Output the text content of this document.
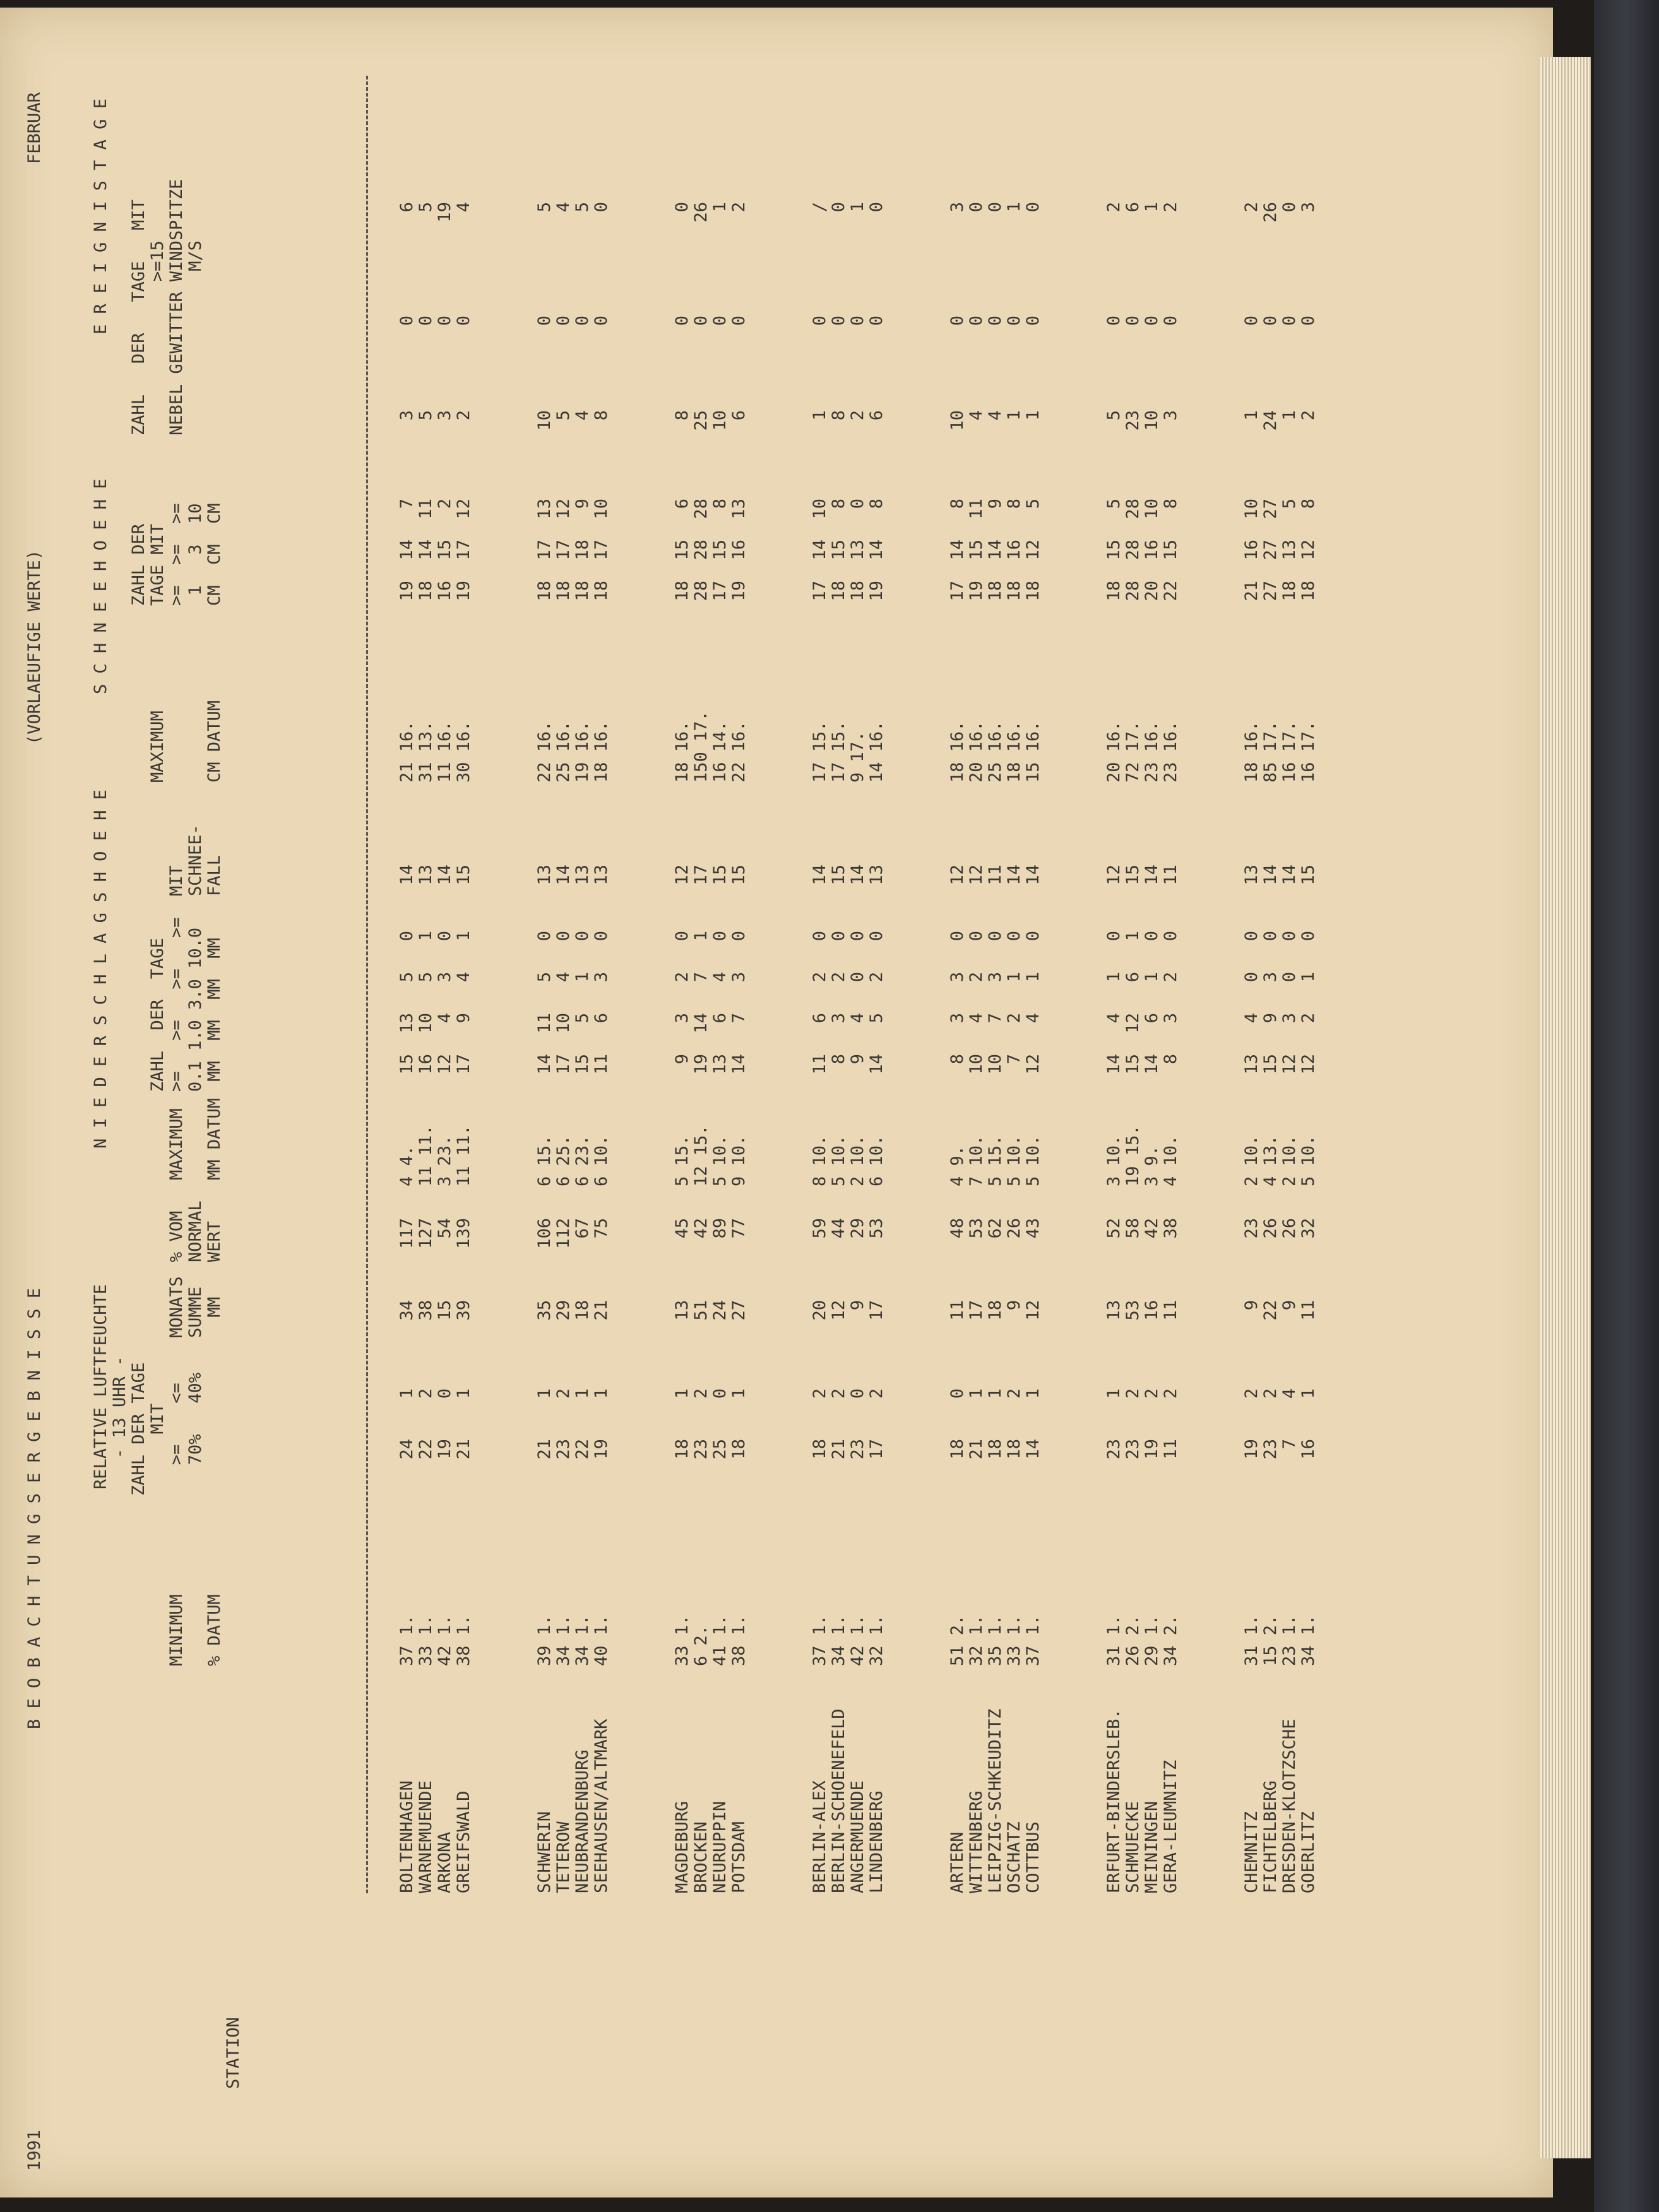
1991
B E O B A C H T U N G S E R G E B N I S S E
(VORLAEUFIGE WERTE)
FEBRUAR
RELATIVE LUFTFEUCHTE
- 13 UHR -
N I E D E R S C H L A G S H O E H E
S C H N E E H O E H E
E R E I G N I S T A G E
STATION
MINIMUM

% DATUM
ZAHL DER TAGE
MIT
>=    <=
70%   40%
MONATS
SUMME
MM
% VOM
NORMAL
WERT
MAXIMUM

MM DATUM
ZAHL  DER  TAGE
>=   >=   >=   >=
0.1 1.0 3.0 10.0
MM  MM  MM  MM
MIT
SCHNEE-
FALL
MAXIMUM

CM DATUM
ZAHL DER
TAGE MIT
>=  >=  >=
1   3  10
CM  CM  CM
ZAHL   DER   TAGE   MIT
>=15
NEBEL GEWITTER WINDSPITZE
M/S
BOLTENHAGEN
37 1.
24
1
34
117
4 4.
15
13
5
0
14
21 16.
19
14
7
3
0
6
WARNEMUENDE
33 1.
22
2
38
127
11 11.
16
10
5
1
13
31 13.
18
14
11
5
0
5
ARKONA
42 1.
19
0
15
54
3 23.
12
4
3
0
14
11 16.
16
15
2
3
0
19
GREIFSWALD
38 1.
21
1
39
139
11 11.
17
9
4
1
15
30 16.
19
17
12
2
0
4
SCHWERIN
39 1.
21
1
35
106
6 15.
14
11
5
0
13
22 16.
18
17
13
10
0
5
TETEROW
34 1.
23
2
29
112
6 25.
17
10
4
0
14
25 16.
18
17
12
5
0
4
NEUBRANDENBURG
34 1.
22
1
18
67
6 23.
15
5
1
0
13
19 16.
18
18
9
4
0
5
SEEHAUSEN/ALTMARK
40 1.
19
1
21
75
6 10.
11
6
3
0
13
18 16.
18
17
10
8
0
0
MAGDEBURG
33 1.
18
1
13
45
5 15.
9
3
2
0
12
18 16.
18
15
6
8
0
0
BROCKEN
6 2.
23
2
51
42
12 15.
19
14
7
1
17
150 17.
28
28
28
25
0
26
NEURUPPIN
41 1.
25
0
24
89
5 10.
13
6
4
0
15
16 14.
17
15
8
10
0
1
POTSDAM
38 1.
18
1
27
77
9 10.
14
7
3
0
15
22 16.
19
16
13
6
0
2
BERLIN-ALEX
37 1.
18
2
20
59
8 10.
11
6
2
0
14
17 15.
17
14
10
1
0
/
BERLIN-SCHOENEFELD
34 1.
21
2
12
44
5 10.
8
3
2
0
15
17 15.
18
15
8
8
0
0
ANGERMUENDE
42 1.
23
0
9
29
2 10.
9
4
0
0
14
9 17.
18
13
0
2
0
1
LINDENBERG
32 1.
17
2
17
53
6 10.
14
5
2
0
13
14 16.
19
14
8
6
0
0
ARTERN
51 2.
18
0
11
48
4 9.
8
3
3
0
12
18 16.
17
14
8
10
0
3
WITTENBERG
32 1.
21
1
17
53
7 10.
10
4
2
0
12
20 16.
19
15
11
4
0
0
LEIPZIG-SCHKEUDITZ
35 1.
18
1
18
62
5 15.
10
7
3
0
11
25 16.
18
14
9
4
0
0
OSCHATZ
33 1.
18
2
9
26
5 10.
7
2
1
0
14
18 16.
18
16
8
1
0
1
COTTBUS
37 1.
14
1
12
43
5 10.
12
4
1
0
14
15 16.
18
12
5
1
0
0
ERFURT-BINDERSLEB.
31 1.
23
1
13
52
3 10.
14
4
1
0
12
20 16.
18
15
5
5
0
2
SCHMUECKE
26 2.
23
2
53
58
19 15.
15
12
6
1
15
72 17.
28
28
28
23
0
6
MEININGEN
29 1.
19
2
16
42
3 9.
14
6
1
0
14
23 16.
20
16
10
10
0
1
GERA-LEUMNITZ
34 2.
11
2
11
38
4 10.
8
3
2
0
11
23 16.
22
15
8
3
0
2
CHEMNITZ
31 1.
19
2
9
23
2 10.
13
4
0
0
13
18 16.
21
16
10
1
0
2
FICHTELBERG
15 2.
23
2
22
26
4 13.
15
9
3
0
14
85 17.
27
27
27
24
0
26
DRESDEN-KLOTZSCHE
23 1.
7
4
9
26
2 10.
12
3
0
0
14
16 17.
18
13
5
1
0
0
GOERLITZ
34 1.
16
1
11
32
5 10.
12
2
1
0
15
16 17.
18
12
8
2
0
3
